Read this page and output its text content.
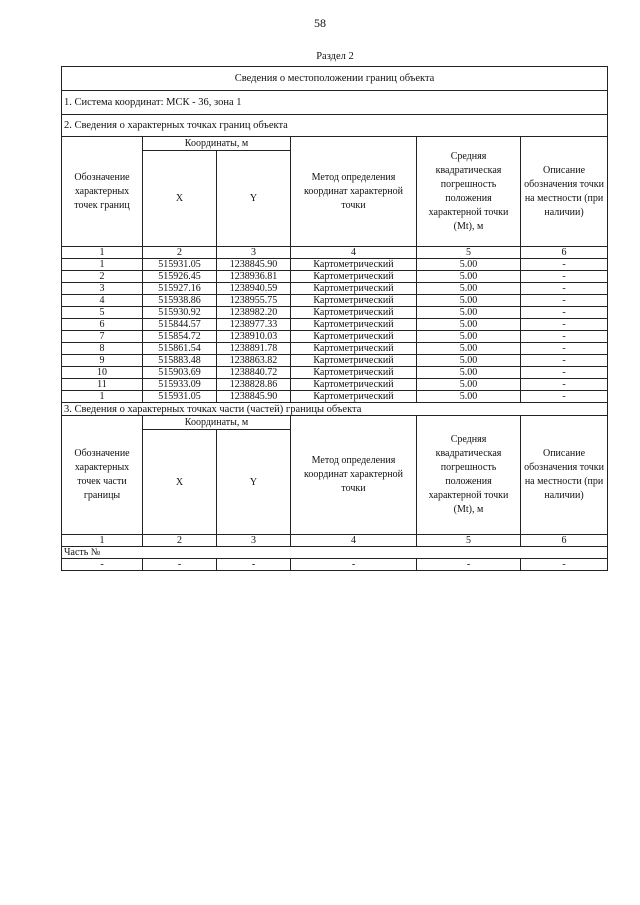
58
Раздел 2
Сведения о местоположении границ объекта					
1. Система координат: МСК - 36, зона 1					
2. Сведения о характерных точках границ объекта					
Обозначение характерных точек границ	Координаты, м		Метод определения координат характерной точки	Средняя квадратическая погрешность положения характерной точки (Mt), м	Описание обозначения точки на местности (при наличии)
	X	Y			
1	2	3	4	5	6
1	515931.05	1238845.90	Картометрический	5.00	-
2	515926.45	1238936.81	Картометрический	5.00	-
3	515927.16	1238940.59	Картометрический	5.00	-
4	515938.86	1238955.75	Картометрический	5.00	-
5	515930.92	1238982.20	Картометрический	5.00	-
6	515844.57	1238977.33	Картометрический	5.00	-
7	515854.72	1238910.03	Картометрический	5.00	-
8	515861.54	1238891.78	Картометрический	5.00	-
9	515883.48	1238863.82	Картометрический	5.00	-
10	515903.69	1238840.72	Картометрический	5.00	-
11	515933.09	1238828.86	Картометрический	5.00	-
1	515931.05	1238845.90	Картометрический	5.00	-
3. Сведения о характерных точках части (частей) границы объекта					
Обозначение характерных точек части границы	Координаты, м		Метод определения координат характерной точки	Средняя квадратическая погрешность положения характерной точки (Mt), м	Описание обозначения точки на местности (при наличии)
	X	Y			
1	2	3	4	5	6
Часть №					
-	-	-	-	-	-
